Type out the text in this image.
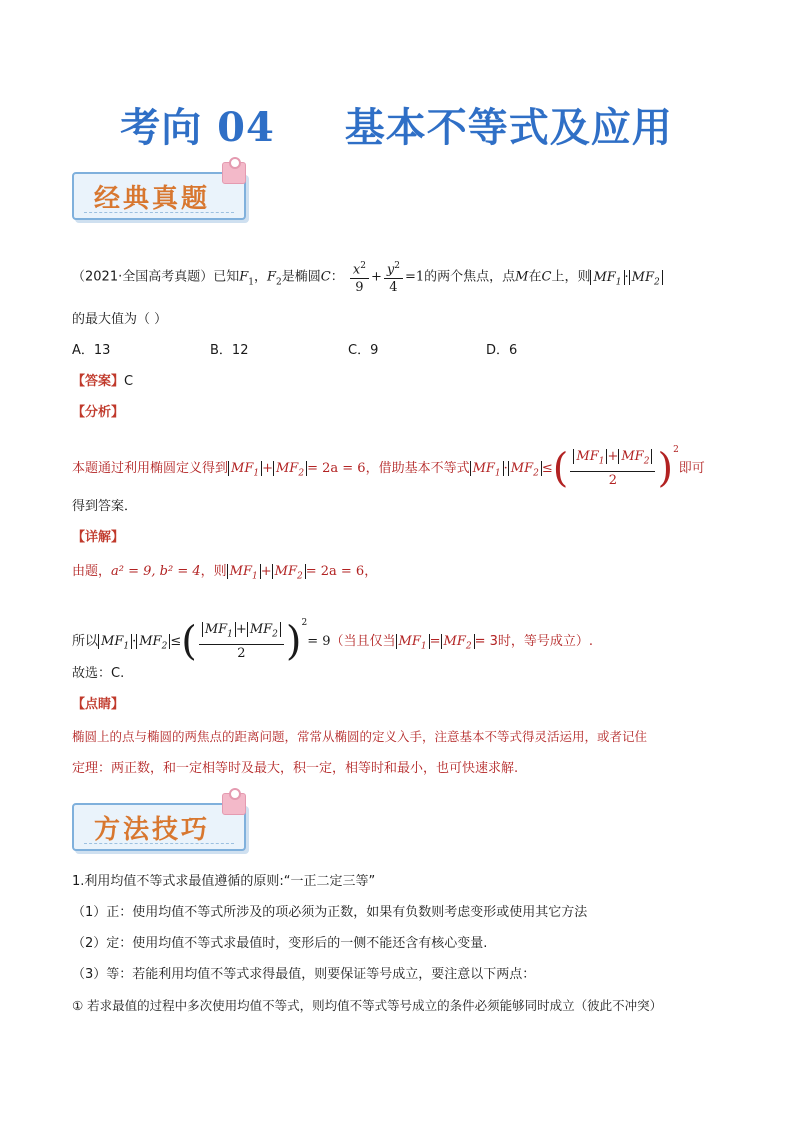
考向 04 基本不等式及应用
经典真题
（2021·全国高考真题）已知$F_1$，$F_2$是椭圆C： $\frac{x^2}{9} + \frac{y^2}{4} =1$的两个焦点，点M在C上，则 $MF_1 \cdot MF_2$
的最大值为（ ）
A．13	B．12	C．9	D．6
【答案】C
【分析】
本题通过利用椭圆定义得到 $MF_1 + MF_2 = 2a = 6$，借助基本不等式 $MF_1 \cdot MF_2$ ≤( $\frac{MF_1 + MF_2}{2} )^2$即可
得到答案．
【详解】
由题，a² = 9, b² = 4，则 $MF_1 + MF_2 = 2a = 6$，
所以 $MF_1 \cdot MF_2$ ≤( $\frac{MF_1 + MF_2}{2} )^2= 9$（当且仅当 $MF_1 = MF_2 = 3$时，等号成立）.
故选：C.
【点睛】
椭圆上的点与椭圆的两焦点的距离问题，常常从椭圆的定义入手，注意基本不等式得灵活运用，或者记住
定理：两正数，和一定相等时及最大，积一定，相等时和最小，也可快速求解.
方法技巧
1.利用均值不等式求最值遵循的原则:“一正二定三等”
（1）正：使用均值不等式所涉及的项必须为正数，如果有负数则考虑变形或使用其它方法
（2）定：使用均值不等式求最值时，变形后的一侧不能还含有核心变量.
（3）等：若能利用均值不等式求得最值，则要保证等号成立，要注意以下两点：
① 若求最值的过程中多次使用均值不等式，则均值不等式等号成立的条件必须能够同时成立（彼此不冲突）
